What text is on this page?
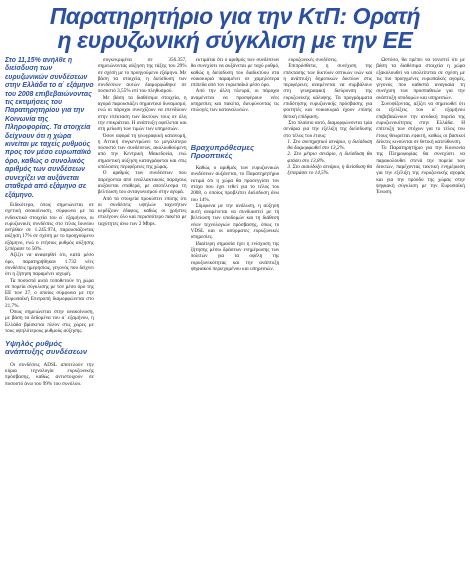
Παρατηρητήριο για την ΚτΠ: Ορατή
η ευρυζωνική σύγκλιση με την ΕΕ
Στο 11,15% ανήλθε η διείσδυση των ευρυζωνικών συνδέσεων στην Ελλάδα το α΄ εξάμηνο του 2008 επιβεβαιώνοντας τις εκτιμήσεις του Παρατηρητηρίου για την Κοινωνία της Πληροφορίας. Τα στοιχεία δείχνουν ότι η χώρα κινείται με ταχείς ρυθμούς προς τον μέσο ευρωπαϊκό όρο, καθώς ο συνολικός αριθμός των συνδέσεων συνεχίζει να αυξάνεται σταθερά από εξάμηνο σε εξάμηνο.

Ειδικότερα, όπως σημειώνεται σε σχετική ανακοίνωση, σύμφωνα με τα ενδεικτικά στοιχεία του α΄ εξαμήνου, οι ευρυζωνικές συνδέσεις στο τέλος Ιουνίου ανήλθαν σε 1.245.974, παρουσιάζοντας αύξηση 17% σε σχέση με το προηγούμενο εξάμηνο, ενώ ο ετήσιος ρυθμός αύξησης ξεπέρασε το 50%.

Αξίζει να αναφερθεί ότι, κατά μέσο όρο, παρατηρήθηκαν 1.732 νέες συνδέσεις ημερησίως, γεγονός που δείχνει ότι η ζήτηση παραμένει ισχυρή.

Τα ποσοστά αυτά τοποθετούν τη χώρα σε πορεία σύγκλισης με τον μέσο όρο της ΕΕ των 27, ο οποίος σύμφωνα με την Ευρωπαϊκή Επιτροπή διαμορφώνεται στο 21,7%.

Όπως σημειώνεται στην ανακοίνωση, με βάση τα δεδομένα του α΄ εξαμήνου, η Ελλάδα βρίσκεται πλέον στις χώρες με τους υψηλότερους ρυθμούς αύξησης.

Υψηλός ρυθμός ανάπτυξης συνδέσεων

Οι συνδέσεις ADSL αποτελούν την κύρια τεχνολογία ευρυζωνικής πρόσβασης, καθώς αντιστοιχούν σε ποσοστό άνω του 99% του συνόλου.

συγκεκριμένα σε 356.357, σημειώνοντας αύξηση της τάξης του 29% σε σχέση με το προηγούμενο εξάμηνο. Με βάση τα στοιχεία, η διείσδυση των συνδέσεων αυτών διαμορφώθηκε σε ποσοστό 3,55% επί του πληθυσμού.

Με βάση τα διαθέσιμα στοιχεία, η αγορά παρουσιάζει σημαντικό δυναμισμό, ενώ οι πάροχοι συνεχίζουν να επενδύουν στην επέκταση των δικτύων τους σε όλη την επικράτεια. Η ανάπτυξη οφείλεται και στη μείωση των τιμών των υπηρεσιών.

Όσον αφορά τη γεωγραφική κατανομή, η Αττική συγκεντρώνει το μεγαλύτερο ποσοστό των συνδέσεων, ακολουθούμενη από την Κεντρική Μακεδονία, ενώ σημαντική αύξηση καταγράφεται και στις υπόλοιπες περιφέρειες της χώρας.

Ο αριθμός των συνδέσεων που παρέχονται από εναλλακτικούς παρόχους αυξάνεται σταθερά, με αποτέλεσμα τη βελτίωση του ανταγωνισμού στην αγορά.

Από τα στοιχεία προκύπτει επίσης ότι οι συνδέσεις υψηλών ταχυτήτων κερδίζουν έδαφος, καθώς οι χρήστες επιλέγουν όλο και περισσότερο πακέτα με ταχύτητες άνω των 2 Mbps.

εκτιμάται ότι ο αριθμός των συνδέσεων θα συνεχίσει να αυξάνεται με ταχύ ρυθμό, καθώς η διείσδυση του διαδικτύου στα νοικοκυριά παραμένει σε χαμηλότερα επίπεδα από τον ευρωπαϊκό μέσο όρο.

Από την άλλη πλευρά, οι πάροχοι αναμένεται να προσφέρουν νέες υπηρεσίες και πακέτα, διευρύνοντας τις επιλογές των καταναλωτών.

Βραχυπρόθεσμες Προοπτικές

Καθώς ο αριθμός των ευρυζωνικών συνδέσεων αυξάνεται, το Παρατηρητήριο εκτιμά ότι η χώρα θα προσεγγίσει τον στόχο που έχει τεθεί για το τέλος του 2008, ο οποίος προβλέπει διείσδυση άνω του 14%.

Σύμφωνα με την ανάλυση, η αύξηση αυτή αναμένεται να συνδυαστεί με τη βελτίωση των υποδομών και τη διάθεση νέων τεχνολογιών πρόσβασης, όπως το VDSL και οι ασύρματες ευρυζωνικές υπηρεσίες.

Ιδιαίτερη σημασία έχει η ενίσχυση της ζήτησης μέσω δράσεων ενημέρωσης των πολιτών για τα οφέλη της ευρυζωνικότητας και την ανάπτυξη ψηφιακού περιεχομένου και υπηρεσιών.

ευρυζωνικές συνδέσεις.

Επιπρόσθετα, η συνέχιση της επέκτασης των δικτύων οπτικών ινών και η ανάπτυξη δημοτικών δικτύων στις περιφέρειες αναμένεται να συμβάλουν στη γεωγραφική διεύρυνση της ευρυζωνικής κάλυψης. Τα προγράμματα επιδότησης ευρυζωνικής πρόσβασης για φοιτητές και νοικοκυριά έχουν επίσης θετική επίδραση.

Στο πλαίσιο αυτό, διαμορφώνονται τρία σενάρια για την εξέλιξη της διείσδυσης στο τέλος του έτους:

1. Στο συντηρητικό σενάριο, η διείσδυση θα διαμορφωθεί στο 13,2%.

2. Στο μέτριο σενάριο, η διείσδυση θα φτάσει στο 13,8%.

3. Στο αισιόδοξο σενάριο, η διείσδυση θα ξεπεράσει το 14,5%.

Ωστόσο, θα πρέπει να τονιστεί ότι με βάση τα διαθέσιμα στοιχεία η χώρα εξακολουθεί να υπολείπεται σε σχέση με τις πιο προηγμένες ευρωπαϊκές αγορές, γεγονός που καθιστά αναγκαία τη συνέχιση των προσπαθειών για την ανάπτυξη υποδομών και υπηρεσιών.

Συνοψίζοντας, αξίζει να σημειωθεί ότι οι εξελίξεις του α΄ εξαμήνου επιβεβαιώνουν την ανοδική πορεία της ευρυζωνικότητας στην Ελλάδα. Η επίτευξη των στόχων για το τέλος του έτους θεωρείται εφικτή, καθώς οι βασικοί δείκτες κινούνται σε θετική κατεύθυνση.

Το Παρατηρητήριο για την Κοινωνία της Πληροφορίας θα συνεχίσει να παρακολουθεί στενά την πορεία των δεικτών, παρέχοντας τακτική ενημέρωση για την εξέλιξη της ευρυζωνικής αγοράς και για την πρόοδο της χώρας στην ψηφιακή σύγκλιση με την Ευρωπαϊκή Ένωση.
